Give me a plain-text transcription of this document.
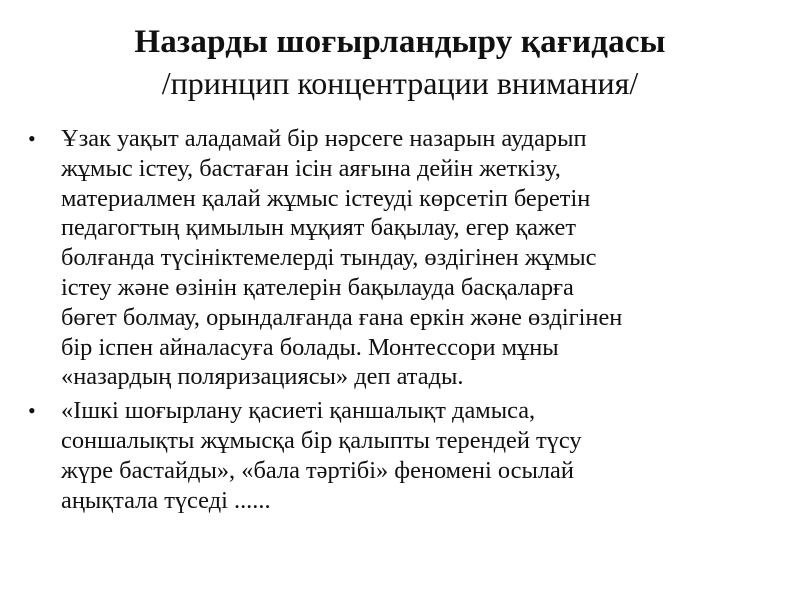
Назарды шоғырландыру қағидасы
/принцип концентрации внимания/
• Ұзак уақыт аладамай бір нәрсеге назарын аударып
жұмыс істеу, бастаған ісін аяғына дейін жеткізу,
материалмен қалай жұмыс істеуді көрсетіп беретін
педагогтың қимылын мұқият бақылау, егер қажет
болғанда түсініктемелерді тындау, өздігінен жұмыс
істеу және өзінін қателерін бақылауда басқаларға
бөгет болмау, орындалғанда ғана еркін және өздігінен
бір іспен айналасуға болады. Монтессори мұны
«назардың поляризациясы» деп атады.
• «Ішкі шоғырлану қасиеті қаншалықт дамыса,
соншалықты жұмысқа бір қалыпты терендей түсу
жүре бастайды», «бала тәртібі» феномені осылай
аңықтала түседі ......
